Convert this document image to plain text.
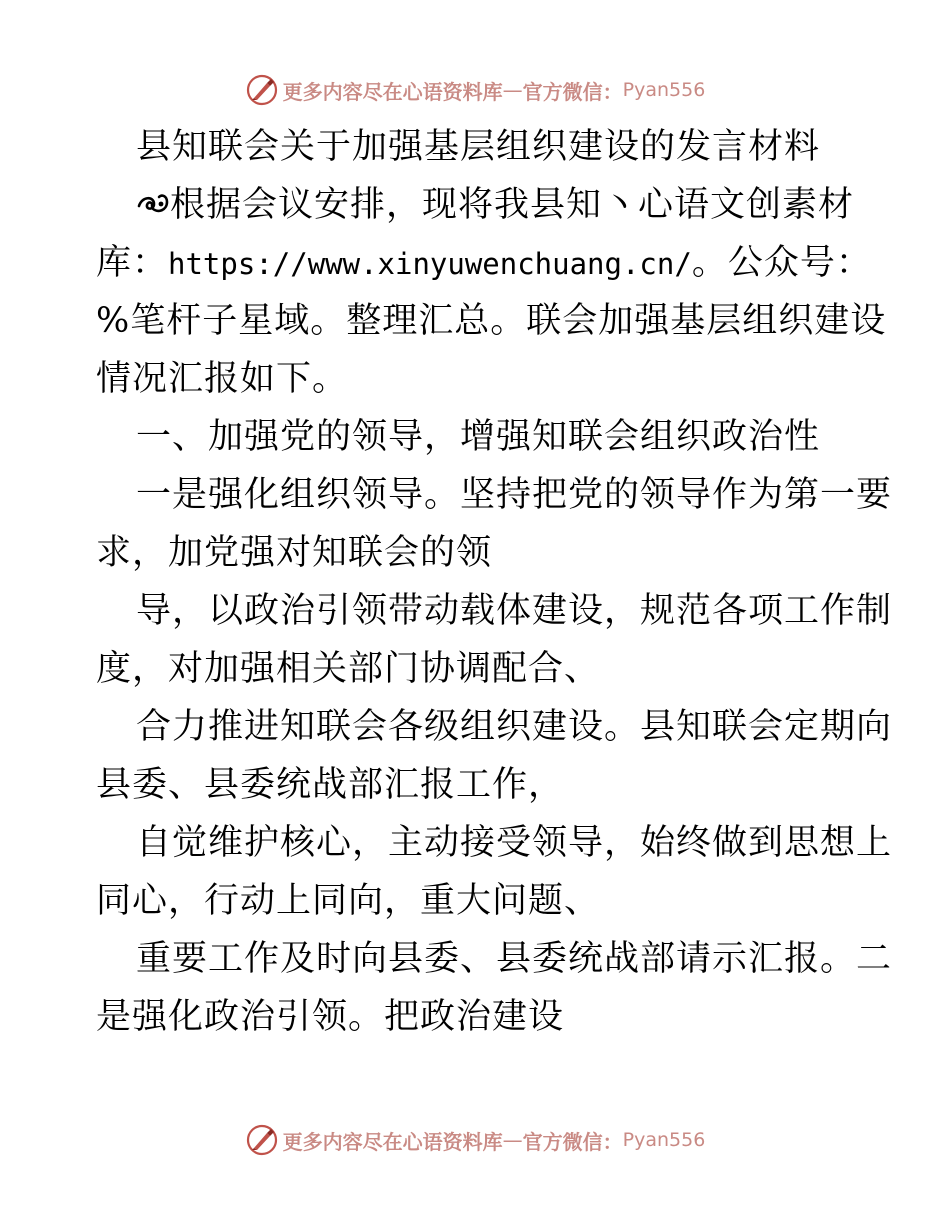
更多内容尽在心语资料库 — 官方微信： Pyan556
县知联会关于加强基层组织建设的发言材料
根据会议安排，现将我县知丶心语文创素材
库：https://www.xinyuwenchuang.cn/。公众号：
%笔杆子星域。整理汇总。联会加强基层组织建设
情况汇报如下。
一、加强党的领导，增强知联会组织政治性
一是强化组织领导。坚持把党的领导作为第一要
求，加党强对知联会的领
导，以政治引领带动载体建设，规范各项工作制
度，对加强相关部门协调配合、
合力推进知联会各级组织建设。县知联会定期向
县委、县委统战部汇报工作，
自觉维护核心，主动接受领导，始终做到思想上
同心，行动上同向，重大问题、
重要工作及时向县委、县委统战部请示汇报。二
是强化政治引领。把政治建设
更多内容尽在心语资料库 — 官方微信： Pyan556
